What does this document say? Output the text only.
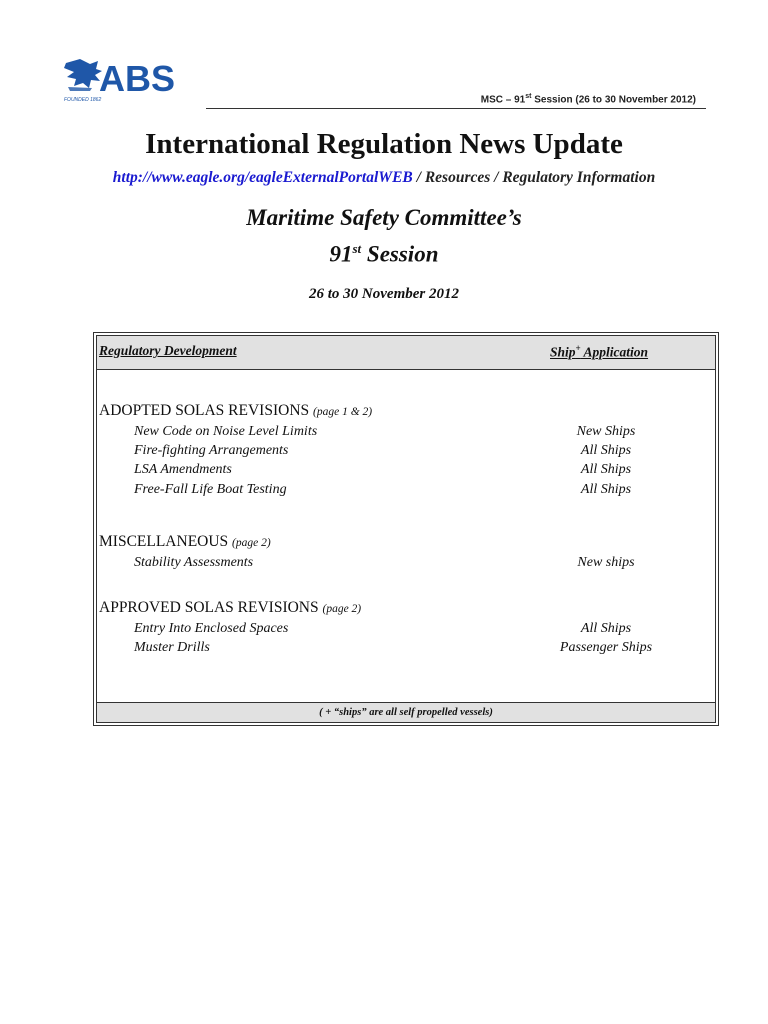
ABS
FOUNDED 1862	MSC – 91st Session (26 to 30 November 2012)
International Regulation News Update
http://www.eagle.org/eagleExternalPortalWEB / Resources / Regulatory Information
Maritime Safety Committee’s
91st Session
26 to 30 November 2012
Regulatory Development	Ship+ Application
ADOPTED SOLAS REVISIONS (page 1 & 2)
New Code on Noise Level Limits	New Ships
Fire-fighting Arrangements	All Ships
LSA Amendments	All Ships
Free-Fall Life Boat Testing	All Ships
MISCELLANEOUS (page 2)
Stability Assessments	New ships
APPROVED SOLAS REVISIONS (page 2)
Entry Into Enclosed Spaces	All Ships
Muster Drills	Passenger Ships
( + “ships” are all self propelled vessels)
